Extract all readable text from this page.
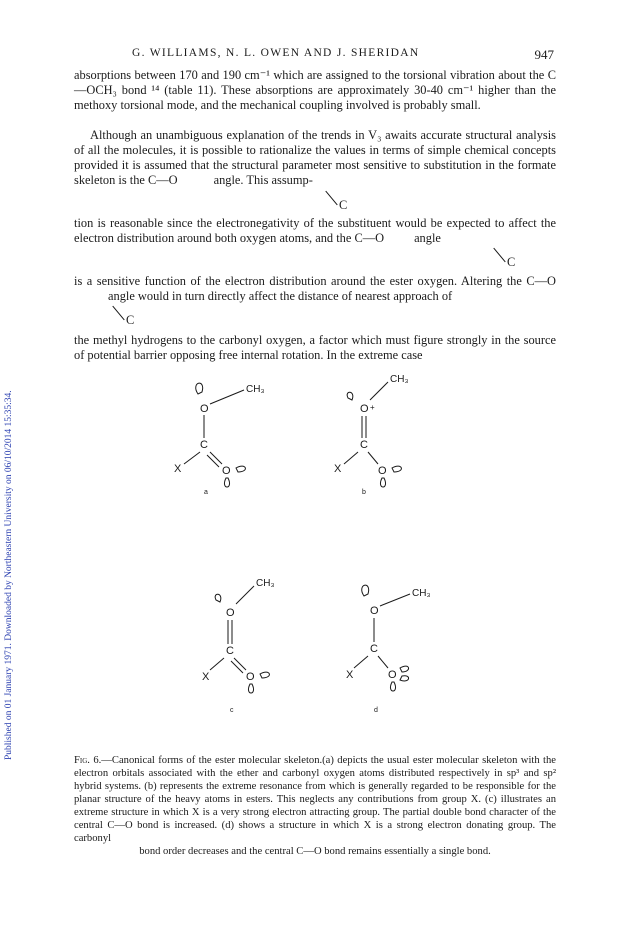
Published on 01 January 1971. Downloaded by Northeastern University on 06/10/2014 15:35:34.
G. WILLIAMS, N. L. OWEN AND J. SHERIDAN	947

absorptions between 170 and 190 cm⁻¹ which are assigned to the torsional vibration about the C—OCH₃ bond ¹⁴ (table 11). These absorptions are approximately 30-40 cm⁻¹ higher than the methoxy torsional mode, and the mechanical coupling involved is probably small.

Although an unambiguous explanation of the trends in V₃ awaits accurate structural analysis of all the molecules, it is possible to rationalize the values in terms of simple chemical concepts provided it is assumed that the structural parameter most sensitive to substitution in the formate skeleton is the C—O	angle. This assump-

C

tion is reasonable since the electronegativity of the substituent would be expected to affect the electron distribution around both oxygen atoms, and the C—O angle

C

is a sensitive function of the electron distribution around the ester oxygen. Altering the C—Oangle would in turn directly affect the distance of nearest approach of

C

the methyl hydrogens to the carbonyl oxygen, a factor which must figure strongly in the source of potential barrier opposing free internal rotation. In the extreme case

O
CH₃
C
X	O
a
CH₃
O +
C
X	O
b
CH₃
O
C
X	O
c
O
CH₃
C
X	O
d

Fig. 6.—Canonical forms of the ester molecular skeleton.(a) depicts the usual ester molecular skeleton with the electron orbitals associated with the ether and carbonyl oxygen atoms distributed respectively in sp³ and sp² hybrid systems. (b) represents the extreme resonance from which is generally regarded to be responsible for the planar structure of the heavy atoms in esters. This neglects any contributions from group X. (c) illustrates an extreme structure in which X is a very strong electron attracting group. The partial double bond character of the central C—O bond is increased. (d) shows a structure in which X is a strong electron donating group. The carbonyl

bond order decreases and the central C—O bond remains essentially a single bond.
